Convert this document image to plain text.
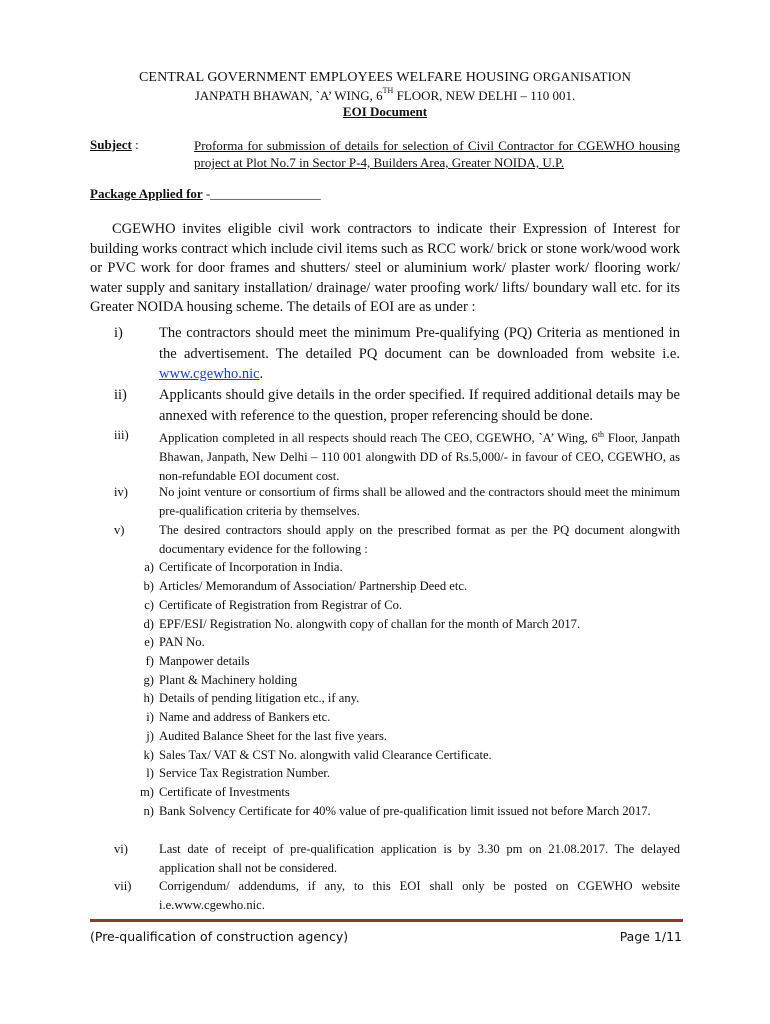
CENTRAL GOVERNMENT EMPLOYEES WELFARE HOUSING ORGANISATION
JANPATH BHAWAN, `A’ WING, 6TH FLOOR, NEW DELHI – 110 001.
EOI Document
Subject :	Proforma for submission of details for selection of Civil Contractor for CGEWHO housing project at Plot No.7 in Sector P-4, Builders Area, Greater NOIDA, U.P.
Package Applied for -_________________
CGEWHO invites eligible civil work contractors to indicate their Expression of Interest for building works contract which include civil items such as RCC work/ brick or stone work/wood work or PVC work for door frames and shutters/ steel or aluminium work/ plaster work/ flooring work/ water supply and sanitary installation/ drainage/ water proofing work/ lifts/ boundary wall etc. for its Greater NOIDA housing scheme. The details of EOI are as under :
i) The contractors should meet the minimum Pre-qualifying (PQ) Criteria as mentioned in the advertisement. The detailed PQ document can be downloaded from website i.e. www.cgewho.nic.
ii) Applicants should give details in the order specified. If required additional details may be annexed with reference to the question, proper referencing should be done.
iii) Application completed in all respects should reach The CEO, CGEWHO, `A’ Wing, 6th Floor, Janpath Bhawan, Janpath, New Delhi – 110 001 alongwith DD of Rs.5,000/- in favour of CEO, CGEWHO, as non-refundable EOI document cost.
iv) No joint venture or consortium of firms shall be allowed and the contractors should meet the minimum pre-qualification criteria by themselves.
v)	The desired contractors should apply on the prescribed format as per the PQ document alongwith documentary evidence for the following :
a) Certificate of Incorporation in India.
b) Articles/ Memorandum of Association/ Partnership Deed etc.
c) Certificate of Registration from Registrar of Co.
d) EPF/ESI/ Registration No. alongwith copy of challan for the month of March 2017.
e) PAN No.
f) Manpower details
g) Plant & Machinery holding
h) Details of pending litigation etc., if any.
i) Name and address of Bankers etc.
j) Audited Balance Sheet for the last five years.
k) Sales Tax/ VAT & CST No. alongwith valid Clearance Certificate.
l) Service Tax Registration Number.
m) Certificate of Investments
n) Bank Solvency Certificate for 40% value of pre-qualification limit issued not before March 2017.
vi) Last date of receipt of pre-qualification application is by 3.30 pm on 21.08.2017. The delayed application shall not be considered.
vii) Corrigendum/ addendums, if any, to this EOI shall only be posted on CGEWHO website i.e.www.cgewho.nic.
(Pre-qualification of construction agency)	Page 1/11
